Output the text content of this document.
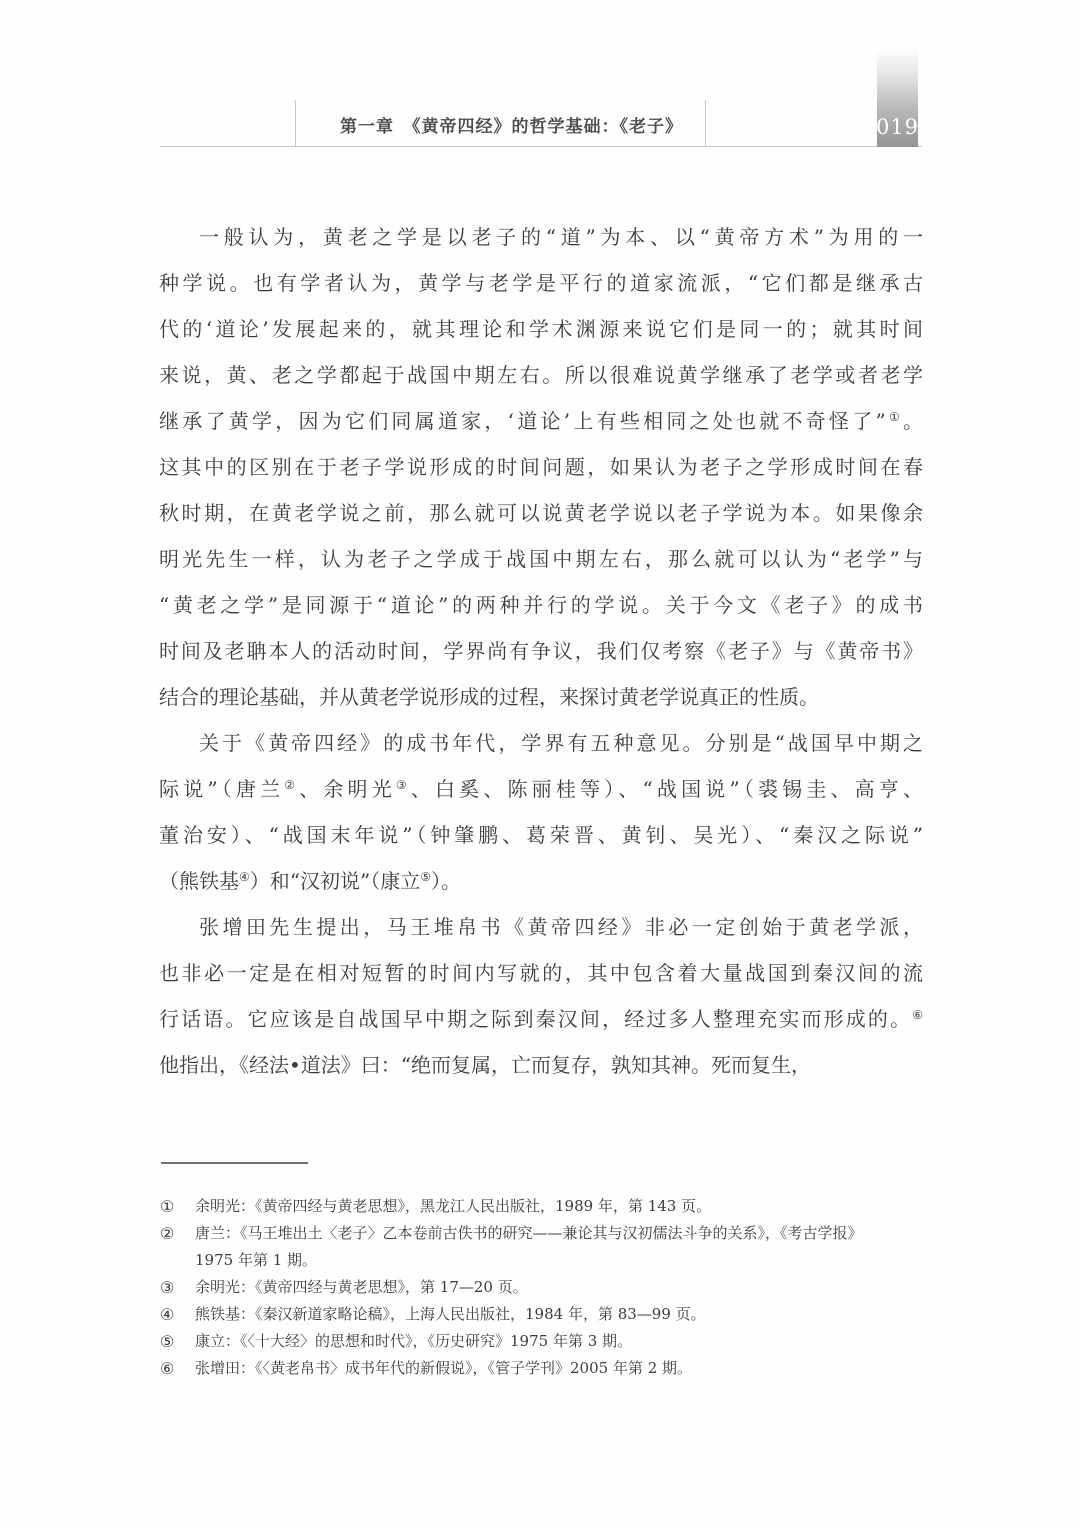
第一章　《黄帝四经》的哲学基础：《老子》	019
一般认为，黄老之学是以老子的“道”为本、以“黄帝方术”为用的一
种学说。也有学者认为，黄学与老学是平行的道家流派，“它们都是继承古
代的‘道论’发展起来的，就其理论和学术渊源来说它们是同一的；就其时间
来说，黄、老之学都起于战国中期左右。所以很难说黄学继承了老学或者老学
继承了黄学，因为它们同属道家，‘道论’上有些相同之处也就不奇怪了”①。
这其中的区别在于老子学说形成的时间问题，如果认为老子之学形成时间在春
秋时期，在黄老学说之前，那么就可以说黄老学说以老子学说为本。如果像余
明光先生一样，认为老子之学成于战国中期左右，那么就可以认为“老学”与
“黄老之学”是同源于“道论”的两种并行的学说。关于今文《老子》的成书
时间及老聃本人的活动时间，学界尚有争议，我们仅考察《老子》与《黄帝书》
结合的理论基础，并从黄老学说形成的过程，来探讨黄老学说真正的性质。
关于《黄帝四经》的成书年代，学界有五种意见。分别是“战国早中期之
际说”（唐兰②、余明光③、白奚、陈丽桂等）、“战国说”（裘锡圭、高亨、
董治安）、“战国末年说”（钟肇鹏、葛荣晋、黄钊、吴光）、“秦汉之际说”
（熊铁基④）和“汉初说”（康立⑤）。
张增田先生提出，马王堆帛书《黄帝四经》非必一定创始于黄老学派，
也非必一定是在相对短暂的时间内写就的，其中包含着大量战国到秦汉间的流
行话语。它应该是自战国早中期之际到秦汉间，经过多人整理充实而形成的。⑥
他指出，《经法•道法》曰：“绝而复属，亡而复存，孰知其神。死而复生，
①	余明光：《黄帝四经与黄老思想》，黑龙江人民出版社，1989 年，第 143 页。
②	唐兰：《马王堆出土〈老子〉乙本卷前古佚书的研究——兼论其与汉初儒法斗争的关系》，《考古学报》
1975 年第 1 期。
③	余明光：《黄帝四经与黄老思想》，第 17—20 页。
④	熊铁基：《秦汉新道家略论稿》，上海人民出版社，1984 年，第 83—99 页。
⑤	康立：《〈十大经〉的思想和时代》，《历史研究》1975 年第 3 期。
⑥	张增田：《〈黄老帛书〉成书年代的新假说》，《管子学刊》2005 年第 2 期。
